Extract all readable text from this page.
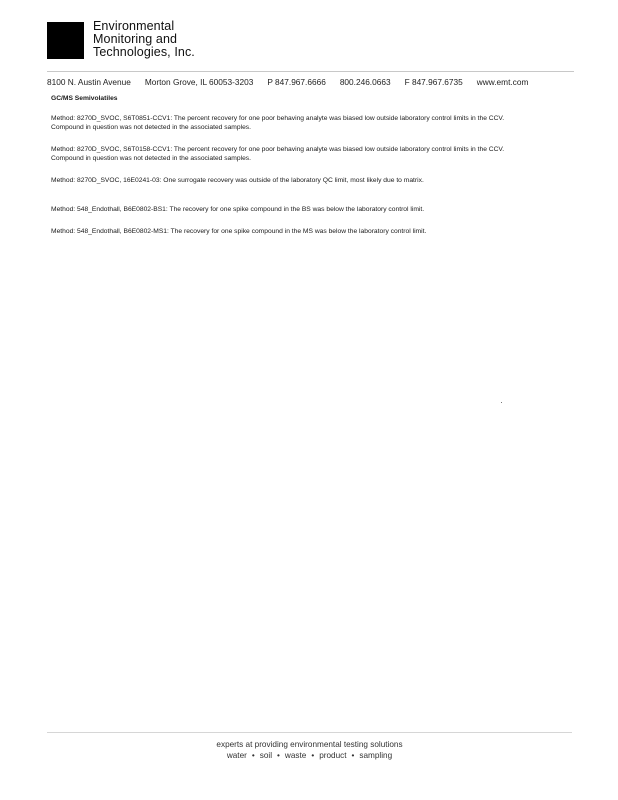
Environmental
Monitoring and
Technologies, Inc.
8100 N. Austin Avenue Morton Grove, IL 60053-3203 P 847.967.6666 800.246.0663 F 847.967.6735 www.emt.com
GC/MS Semivolatiles

Method: 8270D_SVOC, S6T0851-CCV1: The percent recovery for one poor behaving analyte was biased low outside laboratory control limits in the CCV. Compound in question was not detected in the associated samples.

Method: 8270D_SVOC, S6T0158-CCV1: The percent recovery for one poor behaving analyte was biased low outside laboratory control limits in the CCV. Compound in question was not detected in the associated samples.

Method: 8270D_SVOC, 16E0241-03: One surrogate recovery was outside of the laboratory QC limit, most likely due to matrix.

Method: 548_Endothall, B6E0802-BS1: The recovery for one spike compound in the BS was below the laboratory control limit.

Method: 548_Endothall, B6E0802-MS1: The recovery for one spike compound in the MS was below the laboratory control limit.

experts at providing environmental testing solutions
water • soil • waste • product • sampling
